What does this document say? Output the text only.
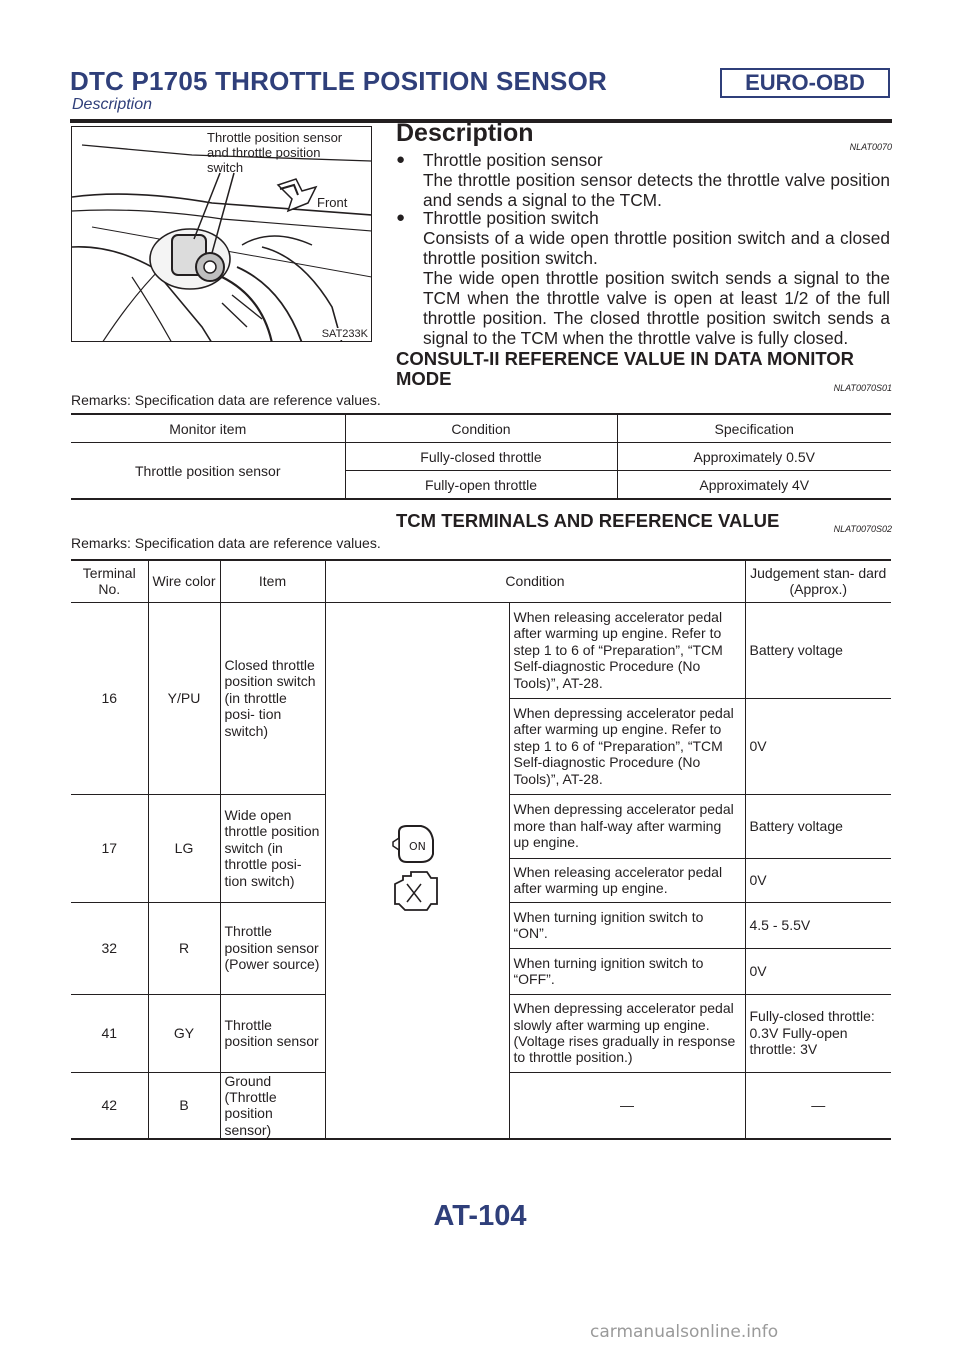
DTC P1705 THROTTLE POSITION SENSOR	EURO-OBD
Description
Throttle position sensor
and throttle position
switch
Front
SAT233K
Description	NLAT0070
● Throttle position sensor
The throttle position sensor detects the throttle valve position and sends a signal to the TCM.
● Throttle position switch
Consists of a wide open throttle position switch and a closed throttle position switch.
The wide open throttle position switch sends a signal to the TCM when the throttle valve is open at least 1/2 of the full throttle position. The closed throttle position switch sends a signal to the TCM when the throttle valve is fully closed.
CONSULT-II REFERENCE VALUE IN DATA MONITOR
MODE	NLAT0070S01
Remarks: Specification data are reference values.
Monitor item	Condition	Specification
Throttle position sensor	Fully-closed throttle	Approximately 0.5V
	Fully-open throttle	Approximately 4V
TCM TERMINALS AND REFERENCE VALUE	NLAT0070S02
Remarks: Specification data are reference values.
Terminal No.	Wire color	Item	Condition		Judgement stan- dard (Approx.)
16	Y/PU	Closed throttle position switch (in throttle posi- tion switch)	ON	When releasing accelerator pedal after warming up engine. Refer to step 1 to 6 of “Preparation”, “TCM Self-diagnostic Procedure (No Tools)”, AT-28.	Battery voltage
				When depressing accelerator pedal after warming up engine. Refer to step 1 to 6 of “Preparation”, “TCM Self-diagnostic Procedure (No Tools)”, AT-28.	0V
17	LG	Wide open throttle position switch (in throttle posi- tion switch)		When depressing accelerator pedal more than half-way after warming up engine.	Battery voltage
				When releasing accelerator pedal after warming up engine.	0V
32	R	Throttle position sensor (Power source)		When turning ignition switch to “ON”.	4.5 - 5.5V
				When turning ignition switch to “OFF”.	0V
41	GY	Throttle position sensor		When depressing accelerator pedal slowly after warming up engine. (Voltage rises gradually in response to throttle position.)	Fully-closed throttle: 0.3V Fully-open throttle: 3V
42	B	Ground (Throttle position sensor)		—	—
AT-104
carmanualsonline.info
